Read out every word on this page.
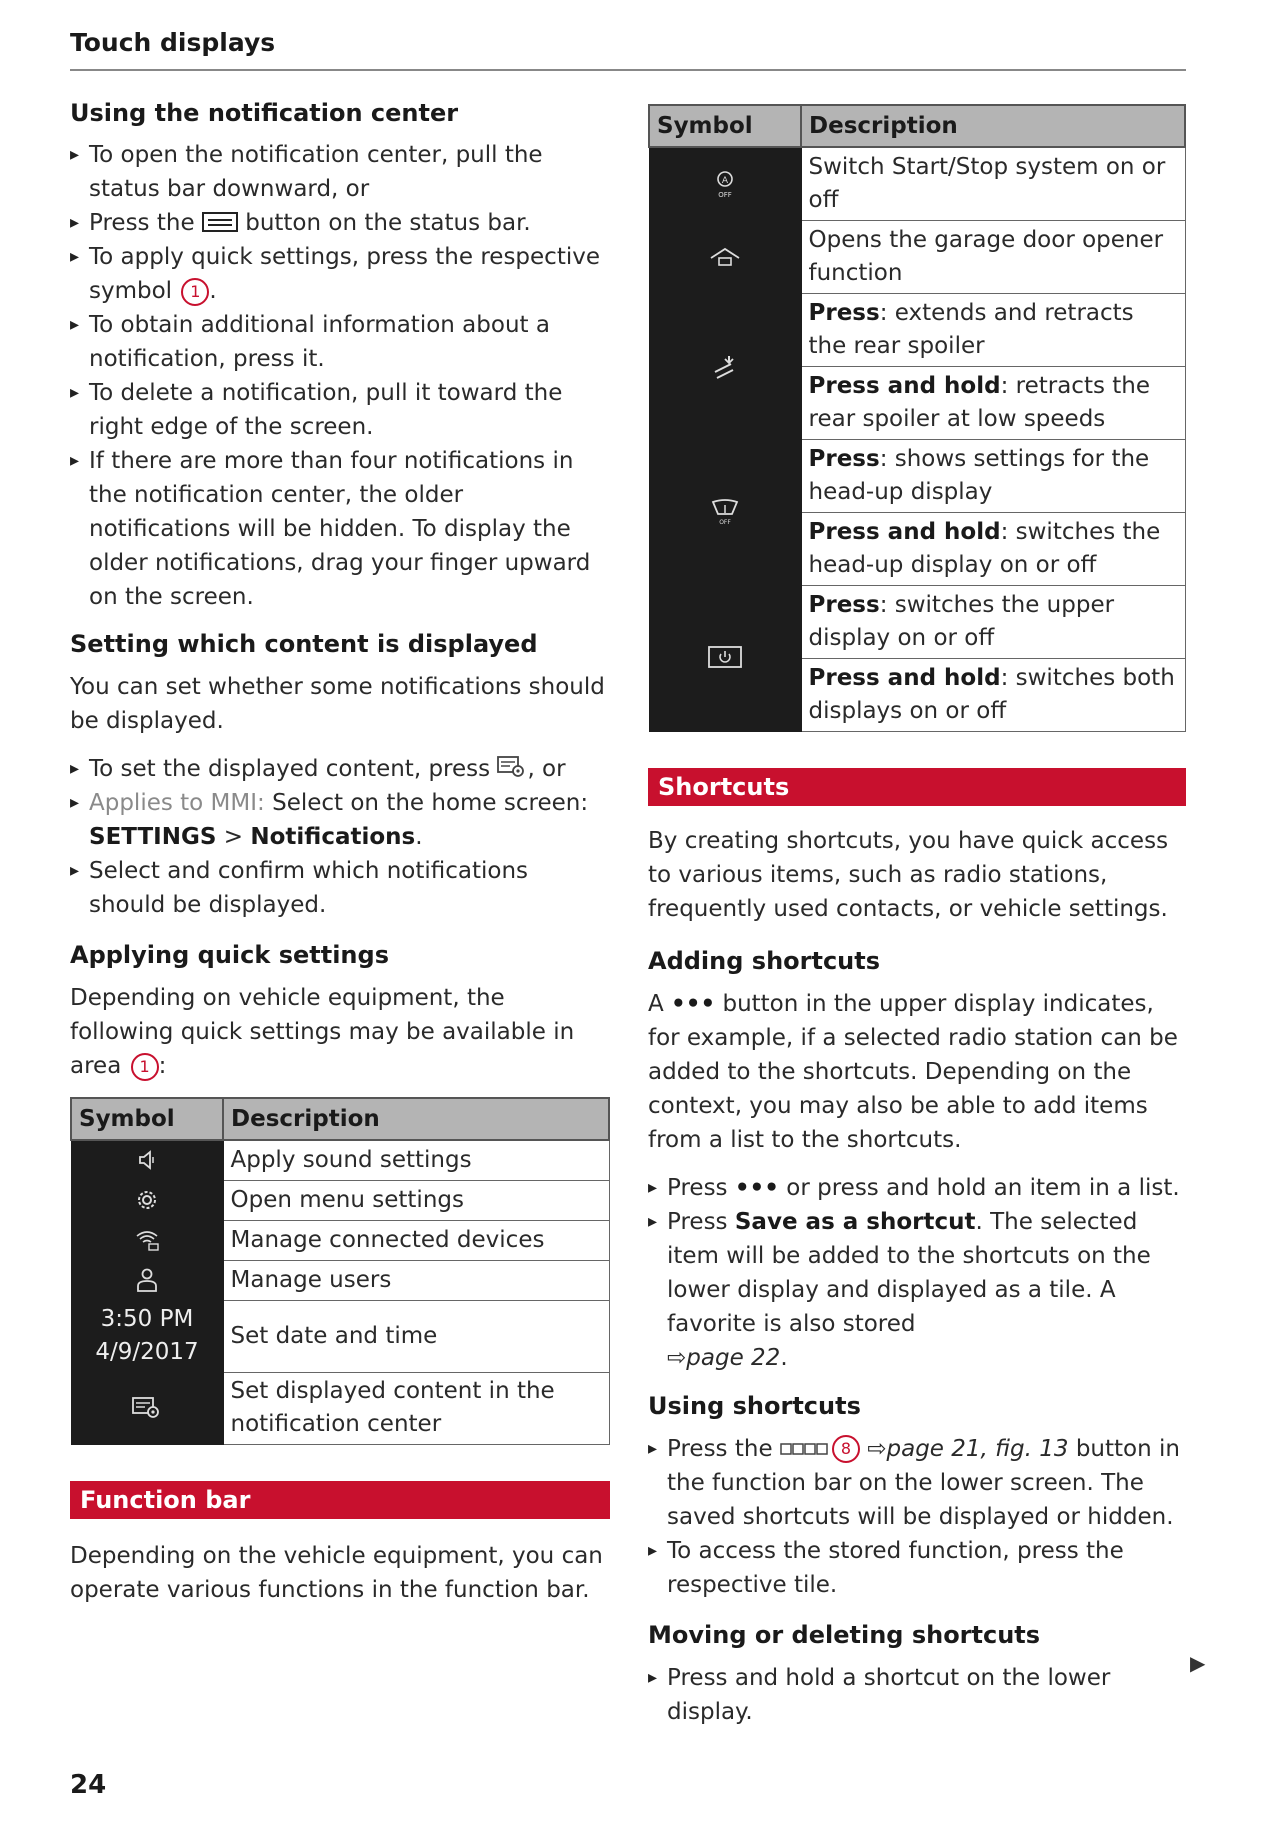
Touch displays
Using the notification center
▸ To open the notification center, pull the status bar downward, or
▸ Press the button on the status bar.
▸ To apply quick settings, press the respective symbol 1 .
▸ To obtain additional information about a notification, press it.
▸ To delete a notification, pull it toward the right edge of the screen.
▸ If there are more than four notifications in the notification center, the older notifications will be hidden. To display the older notifications, drag your finger upward on the screen.
Setting which content is displayed

You can set whether some notifications should be displayed.

▸ To set the displayed content, press , or
▸ Applies to MMI: Select on the home screen:
SETTINGS > Notifications.
▸ Select and confirm which notifications should be displayed.
Applying quick settings

Depending on vehicle equipment, the following quick settings may be available in area 1 :

Symbol	Description
	Apply sound settings
	Open menu settings
	Manage connected devices
	Manage users

3:50 PM
4/9/2017	Set date and time
	Set displayed content in the notification center
Function bar

Depending on the vehicle equipment, you can operate various functions in the function bar.

Symbol	Description

A
OFF	Switch Start/Stop system on or off
	Opens the garage door opener function
	Press: extends and retracts the rear spoiler
	Press and hold: retracts the rear spoiler at low speeds

OFF	Press: shows settings for the head-up display
	Press and hold: switches the head-up display on or off
	Press: switches the upper display on or off
	Press and hold: switches both displays on or off
Shortcuts

By creating shortcuts, you have quick access to various items, such as radio stations, frequently used contacts, or vehicle settings.

Adding shortcuts

A ••• button in the upper display indicates, for example, if a selected radio station can be added to the shortcuts. Depending on the context, you may also be able to add items from a list to the shortcuts.

▸ Press ••• or press and hold an item in a list.
▸ Press Save as a shortcut. The selected item will be added to the shortcuts on the lower display and displayed as a tile. A favorite is also stored
⇨page 22.
Using shortcuts
▸ Press the	8 ⇨page 21, fig. 13 button in the function bar on the lower screen. The saved shortcuts will be displayed or hidden.
▸ To access the stored function, press the respective tile.
Moving or deleting shortcuts
▸ Press and hold a shortcut on the lower display.
▶
24
